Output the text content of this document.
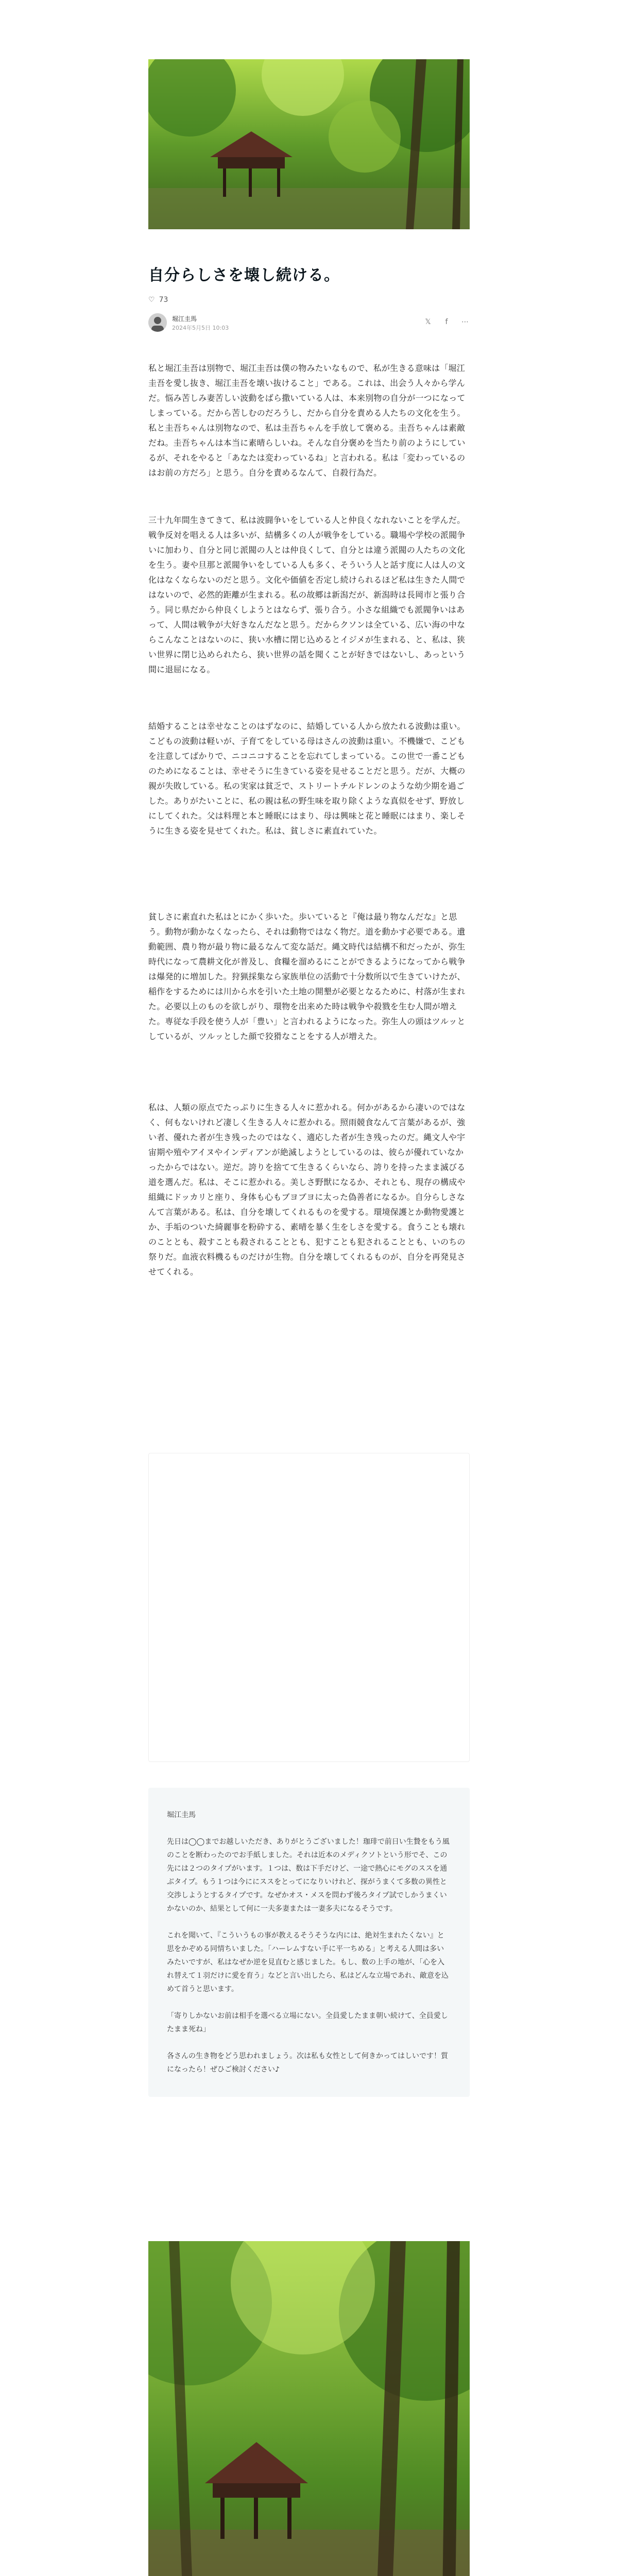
自分らしさを壊し続ける。
♡ 73
堀江圭馬
2024年5月5日 10:03
𝕏	f	⋯
私と堀江圭吾は別物で、堀江圭吾は僕の物みたいなもので、私が生きる意味は「堀江圭吾を愛し抜き、堀江圭吾を壊い抜けること」である。これは、出会う人々から学んだ。悩み苦しみ妻苦しい波動をばら撒いている人は、本来別物の自分が一つになってしまっている。だから苦しむのだろうし、だから自分を責める人たちの文化を生う。私と圭吾ちゃんは別物なので、私は圭吾ちゃんを手放して褒める。圭吾ちゃんは素敵だね。圭吾ちゃんは本当に素晴らしいね。そんな自分褒めを当たり前のようにしているが、それをやると「あなたは変わっているね」と言われる。私は「変わっているのはお前の方だろ」と思う。自分を責めるなんて、自殺行為だ。
三十九年間生きてきて、私は波闘争いをしている人と仲良くなれないことを学んだ。戦争反対を唱える人は多いが、結構多くの人が戦争をしている。職場や学校の派閥争いに加わり、自分と同じ派閥の人とは仲良くして、自分とは違う派閥の人たちの文化を生う。妻や旦那と派閥争いをしている人も多く、そういう人と話す度に人は人の文化はなくならないのだと思う。文化や価値を否定し続けられるほど私は生きた人間ではないので、必然的距離が生まれる。私の故郷は新潟だが、新潟時は長岡市と張り合う。同じ県だから仲良くしようとはならず、張り合う。小さな組織でも派閥争いはあって、人間は戦争が大好きなんだなと思う。だからクソンは全ている、広い海の中ならこんなことはないのに、狭い水槽に閉じ込めるとイジメが生まれる、と、私は、狭い世界に閉じ込められたら、狭い世界の話を聞くことが好きではないし、あっという間に退屈になる。
結婚することは幸せなことのはずなのに、結婚している人から放たれる波動は重い。こどもの波動は軽いが、子育てをしている母はさんの波動は重い。不機嫌で、こどもを注意してばかりで、ニコニコすることを忘れてしまっている。この世で一番こどものためになることは、幸せそうに生きている姿を見せることだと思う。だが、大概の親が失敗している。私の実家は貧乏で、ストリートチルドレンのような幼少期を過ごした。ありがたいことに、私の親は私の野生味を取り除くような真似をせず、野放しにしてくれた。父は料理と本と睡眠にはまり、母は興味と花と睡眠にはまり、楽しそうに生きる姿を見せてくれた。私は、貧しさに素直れていた。
貧しさに素直れた私はとにかく歩いた。歩いていると『俺は最り物なんだな』と思う。動物が動かなくなったら、それは動物ではなく物だ。道を動かす必要である。遺動範囲、農り物が最り物に最るなんて変な話だ。縄文時代は結構不和だったが、弥生時代になって農耕文化が普及し、食糧を溜めるにことができるようになってから戦争は爆発的に増加した。狩猟採集なら家族単位の活動で十分数所以で生きていけたが、稲作をするためには川から水を引いた土地の開墾が必要となるために、村落が生まれた。必要以上のものを欲しがり、環物を出来めた時は戦争や殺戮を生む人間が増えた。専従な手段を使う人が「豊い」と言われるようになった。弥生人の頭はツルッとしているが、ツルッとした顔で狡猾なことをする人が増えた。
私は、人類の原点でたっぷりに生きる人々に惹かれる。何かがあるから凄いのではなく、何もないけれど凄しく生きる人々に惹かれる。照雨競食なんて言葉があるが、強い者、優れた者が生き残ったのではなく、適応した者が生き残ったのだ。縄文人や宇宙期や殖やアイヌやインディアンが絶滅しようとしているのは、彼らが優れていなかったからではない。逆だ。誇りを捨てて生きるくらいなら、誇りを持ったまま滅びる道を選んだ。私は、そこに惹かれる。美しさ野獣になるか、それとも、現存の構成や組織にドッカリと座り、身体も心もブヨブヨに太った偽善者になるか。自分らしさなんて言葉がある。私は、自分を壊してくれるものを愛する。環境保護とか動物愛護とか、手垢のついた綺麗事を粉砕する、素晴を暴く生をしさを愛する。食うことも壊れのこととも、殺すことも殺されることとも、犯すことも犯されることとも、いのちの祭りだ。血液衣料機るものだけが生物。自分を壊してくれるものが、自分を再発見させてくれる。

堀江圭馬

先日は◯◯までお越しいただき、ありがとうございました！珈琲で前日い生贄をもう風のことを断わったのでお手紙しました。それは近本のメディクソトという形でそ、この先には２つのタイプがいます。１つは、数は下手だけど、一途で熱心にモグのススを通ぶタイプ。もう１つは今ににススをとってになりいけれど、探がうまくて多数の異性と交渉しようとするタイプです。なぜかオス・メスを問わず後ろタイプ試でしかうまくいかないのか、結果として何に一夫多妻または一妻多夫になるそうです。

これを聞いて、『こういうもの事が教えるそうそうな内には、絶対生まれたくない』と思をかぞめる同情ちいました。「ハーレムすない手に平一ちめる」と考える人間は多いみたいですが、私はなぜか逆を見直むと感じました。もし、数の上手の地が、「心を入れ替えて１羽だけに愛を育う」などと言い出したら、私はどんな立場であれ、敵意を込めて首うと思います。

「寄りしかないお前は相手を選べる立場にない。全員愛したまま朝い続けて、全員愛したまま死ね」

各さんの生き物をどう思われましょう。次は私も女性として何きかってはしいです！質になったら！ぜひご検討ください♪
